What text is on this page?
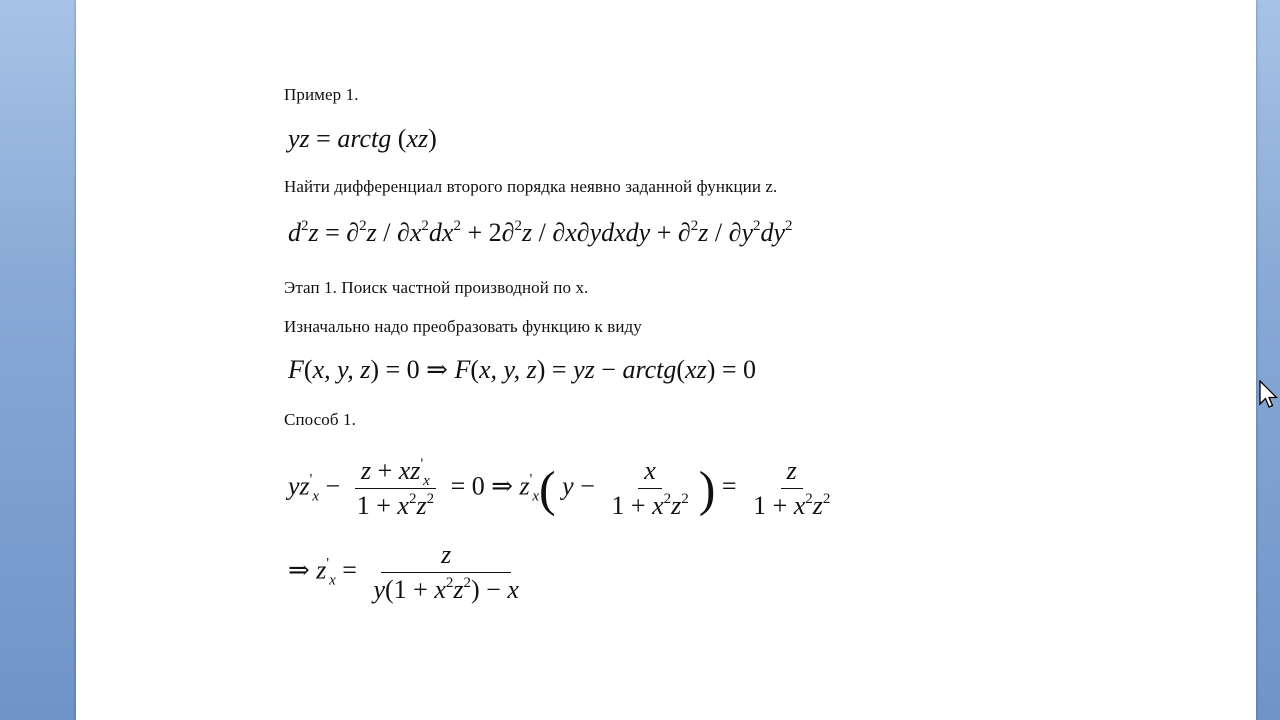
Пример 1.
yz = arctg (xz)
Найти дифференциал второго порядка неявно заданной функции z.
$d^2z = \partial^2z / \partial x^2dx^2 + 2\partial^2z$ / ∂x∂ydxdy + $\partial^2z / \partial y^2dy^2$
Этап 1. Поиск частной производной по x.
Изначально надо преобразовать функцию к виду
F(x, y, z) = 0 ⇒ F(x, y, z) = yz − arctg(xz) = 0
Способ 1.
$yz'_x - \frac{z + xz'_x}{1 + x^2z^2} = 0$ ⇒ $z'_x$( $y - \frac{x}{1 + x^2z^2}$ ) = $\frac{z}{1 + x^2z^2}$
⇒ $z'_x = \frac{z}{y(1 + x^2z^2) - x}$
